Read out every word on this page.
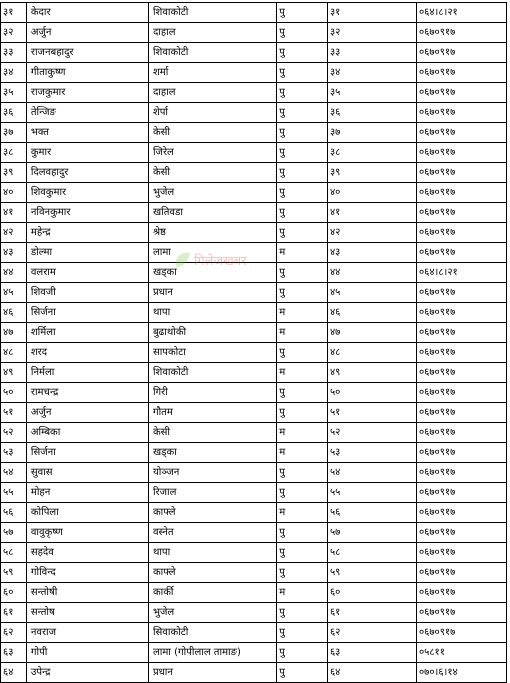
३१	केदार	शिवाकोटी	पु	३१	०६४।८।२१
३२	अर्जुन	दाहाल	पु	३२	०६७०९१७
३३	राजनबहादुर	शिवाकोटी	पु	३३	०६७०९१७
३४	गीताकुष्ण	शर्मा	पु	३४	०६७०९१७
३५	राजकुमार	दाहाल	पु	३५	०६७०९१७
३६	तेन्जिङ	शेर्पा	पु	३६	०६७०९१७
३७	भक्त	केसी	पु	३७	०६७०९१७
३८	कुमार	जिरेल	पु	३८	०६७०९१७
३९	दिलवहादुर	केसी	पु	३९	०६७०९१७
४०	शिवकुमार	भुजेल	पु	४०	०६७०९१७
४१	नविनकुमार	खतिवडा	पु	४१	०६७०९१७
४२	महेन्द्र	श्रेष्ठ	पु	४२	०६७०९१७
४३	डोल्मा	लामा	म	४३	०६७०९१७
४४	वलराम	खड्का	पु	४४	०६४।८।२१
४५	शिवजी	प्रधान	पु	४५	०६७०९१७
४६	सिर्जना	थापा	म	४६	०६७०९१७
४७	शर्मिला	बुढाथोकी	म	४७	०६७०९१७
४८	शरद	सापकोटा	पु	४८	०६७०९१७
४९	निर्मला	शिवाकोटी	म	४९	०६७०९१७
५०	रामचन्द्र	गिरी	पु	५०	०६७०९१७
५१	अर्जुन	गौतम	पु	५१	०६७०९१७
५२	अम्बिका	केसी	म	५२	०६७०९१७
५३	सिर्जना	खड्का	म	५३	०६७०९१७
५४	सुवास	योञ्जन	पु	५४	०६७०९१७
५५	मोहन	रिजाल	पु	५५	०६७०९१७
५६	कोपिला	काफ्ले	म	५६	०६७०९१७
५७	वावुकृष्ण	वस्नेत	पु	५७	०६७०९१७
५८	सहदेव	थापा	पु	५८	०६७०९१७
५९	गोविन्द	काफ्ले	पु	५९	०६७०९१७
६०	सन्तोषी	कार्की	म	६०	०६७०९१७
६१	सन्तोष	भुजेल	पु	६१	०६७०९१७
६२	नवराज	सिवाकोटी	पु	६२	०६७०९१७
६३	गोपी	लामा (गोपीलाल तामाङ)	पु	६३	०५८११
६४	उपेन्द्र	प्रधान	पु	६४	०७०।६।१४
गिलेजखबर
